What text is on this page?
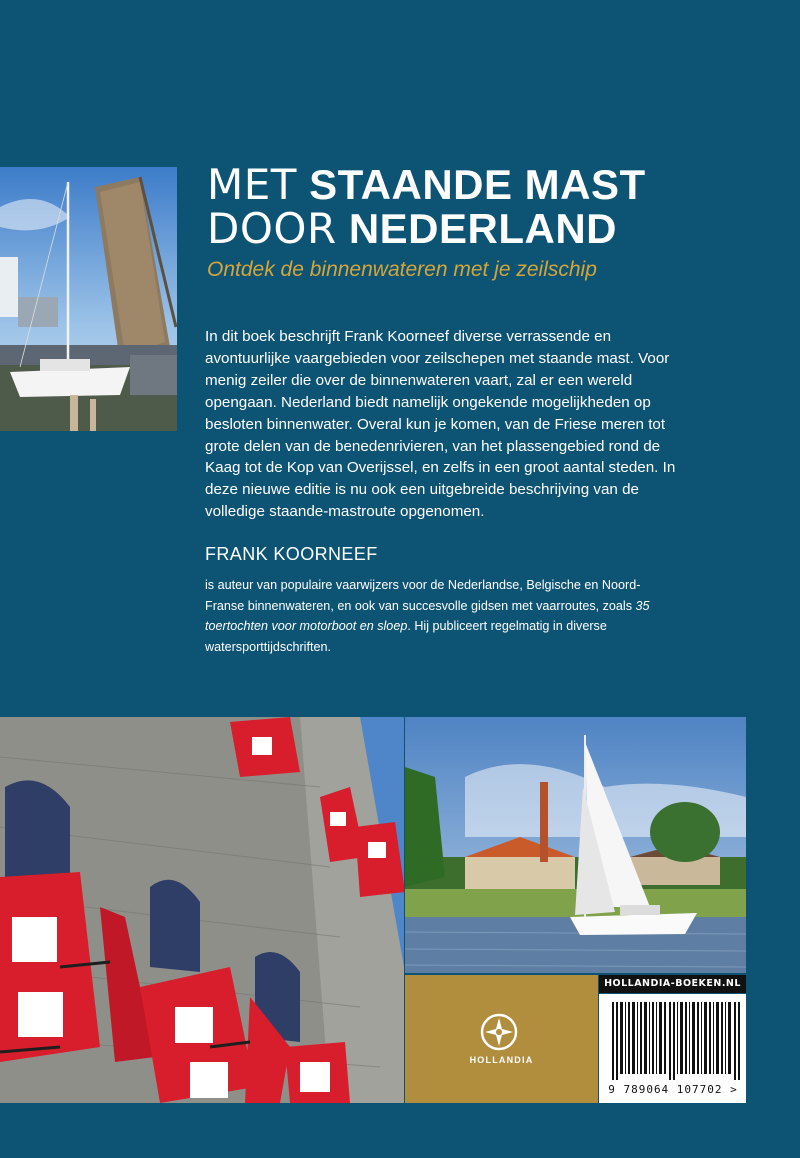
MET STAANDE MAST
DOOR NEDERLAND
Ontdek de binnenwateren met je zeilschip
In dit boek beschrijft Frank Koorneef diverse verrassende en avontuurlijke vaargebieden voor zeilschepen met staande mast. Voor menig zeiler die over de binnenwateren vaart, zal er een wereld opengaan. Nederland biedt namelijk ongekende mogelijkheden op besloten binnenwater. Overal kun je komen, van de Friese meren tot grote delen van de benedenrivieren, van het plassengebied rond de Kaag tot de Kop van Overijssel, en zelfs in een groot aantal steden. In deze nieuwe editie is nu ook een uitgebreide beschrijving van de volledige staande-mastroute opgenomen.
FRANK KOORNEEF
is auteur van populaire vaarwijzers voor de Nederlandse, Belgische en Noord-Franse binnenwateren, en ook van succesvolle gidsen met vaarroutes, zoals 35 toertochten voor motorboot en sloep. Hij publiceert regelmatig in diverse watersporttijdschriften.
HOLLANDIA
HOLLANDIA-BOEKEN.NL
9 789064 107702 >
